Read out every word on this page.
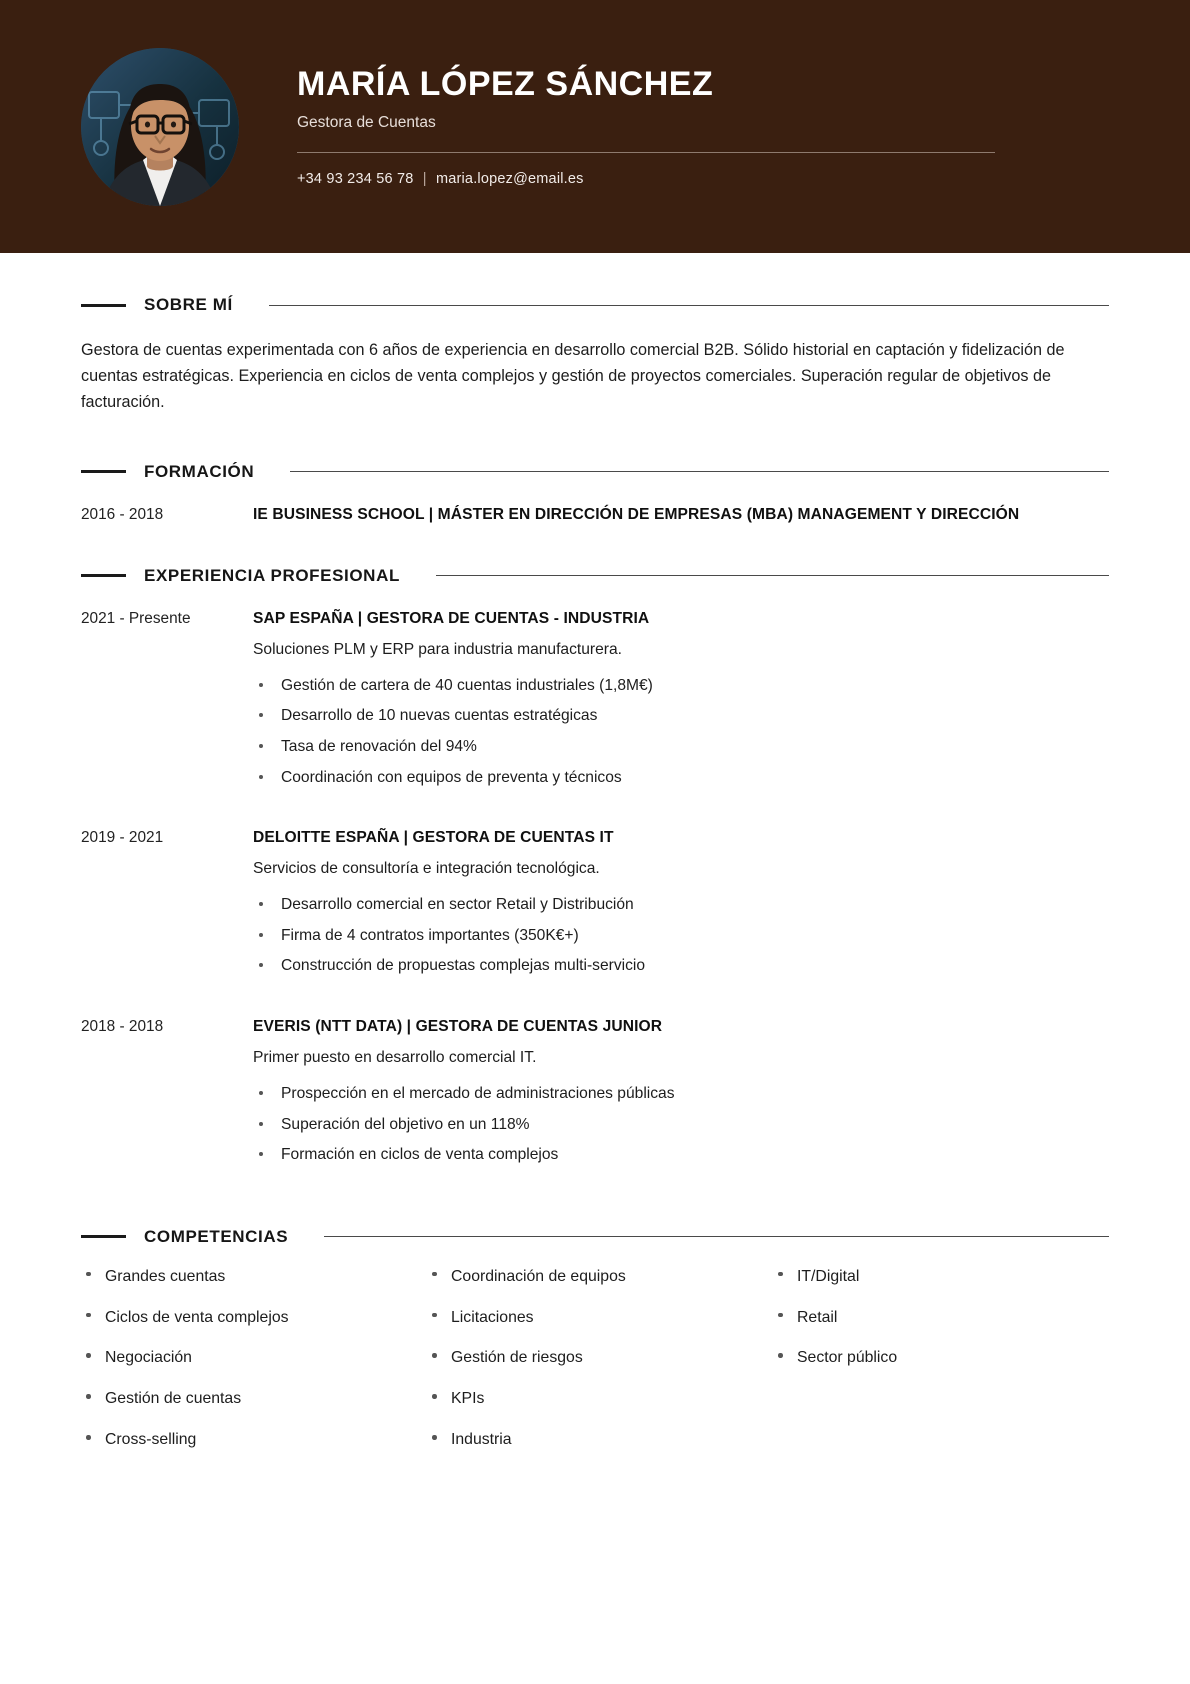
MARÍA LÓPEZ SÁNCHEZ
Gestora de Cuentas
+34 93 234 56 78 | maria.lopez@email.es
SOBRE MÍ

Gestora de cuentas experimentada con 6 años de experiencia en desarrollo comercial B2B. Sólido historial en captación y fidelización de cuentas estratégicas. Experiencia en ciclos de venta complejos y gestión de proyectos comerciales. Superación regular de objetivos de facturación.

FORMACIÓN
2016 - 2018	IE BUSINESS SCHOOL | MÁSTER EN DIRECCIÓN DE EMPRESAS (MBA) MANAGEMENT Y DIRECCIÓN

EXPERIENCIA PROFESIONAL
2021 - Presente	SAP ESPAÑA | GESTORA DE CUENTAS - INDUSTRIA

Soluciones PLM y ERP para industria manufacturera.

Gestión de cartera de 40 cuentas industriales (1,8M€)
Desarrollo de 10 nuevas cuentas estratégicas
Tasa de renovación del 94%
Coordinación con equipos de preventa y técnicos
2019 - 2021	DELOITTE ESPAÑA | GESTORA DE CUENTAS IT

Servicios de consultoría e integración tecnológica.

Desarrollo comercial en sector Retail y Distribución
Firma de 4 contratos importantes (350K€+)
Construcción de propuestas complejas multi-servicio
2018 - 2018	EVERIS (NTT DATA) | GESTORA DE CUENTAS JUNIOR

Primer puesto en desarrollo comercial IT.

Prospección en el mercado de administraciones públicas
Superación del objetivo en un 118%
Formación en ciclos de venta complejos
COMPETENCIAS
Grandes cuentas
Ciclos de venta complejos
Negociación
Gestión de cuentas
Cross-selling
Coordinación de equipos
Licitaciones
Gestión de riesgos
KPIs
Industria
IT/Digital
Retail
Sector público
